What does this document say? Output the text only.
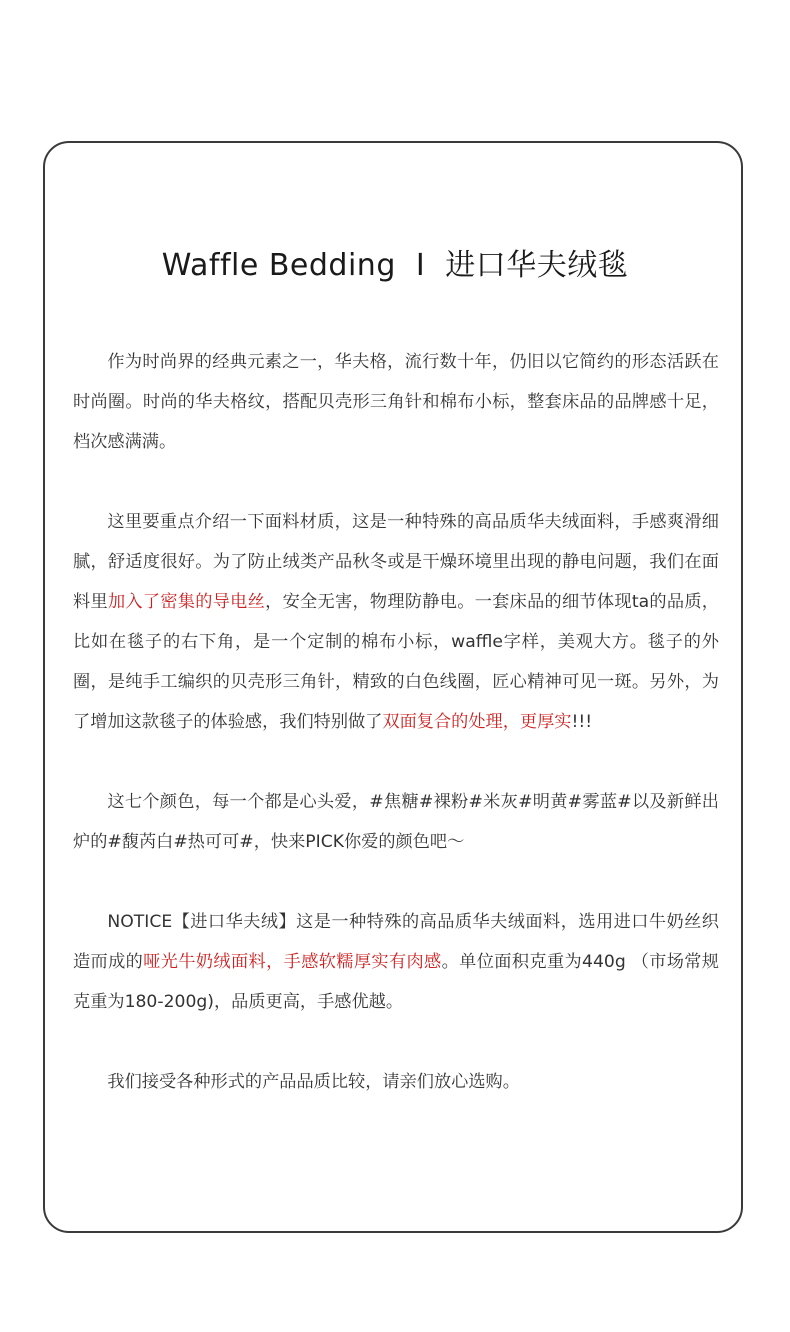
Waffle Bedding I 进口华夫绒毯

作为时尚界的经典元素之一，华夫格，流行数十年，仍旧以它简约的形态活跃在时尚圈。时尚的华夫格纹，搭配贝壳形三角针和棉布小标，整套床品的品牌感十足，档次感满满。

这里要重点介绍一下面料材质，这是一种特殊的高品质华夫绒面料，手感爽滑细腻，舒适度很好。为了防止绒类产品秋冬或是干燥环境里出现的静电问题，我们在面料里加入了密集的导电丝，安全无害，物理防静电。一套床品的细节体现ta的品质，比如在毯子的右下角，是一个定制的棉布小标，waffle字样，美观大方。毯子的外圈，是纯手工编织的贝壳形三角针，精致的白色线圈，匠心精神可见一斑。另外，为了增加这款毯子的体验感，我们特别做了双面复合的处理，更厚实!!!

这七个颜色，每一个都是心头爱，#焦糖#裸粉#米灰#明黄#雾蓝#以及新鲜出炉的#馥芮白#热可可#，快来PICK你爱的颜色吧～

NOTICE【进口华夫绒】这是一种特殊的高品质华夫绒面料，选用进口牛奶丝织造而成的哑光牛奶绒面料，手感软糯厚实有肉感。单位面积克重为440g （市场常规克重为180-200g)，品质更高，手感优越。

我们接受各种形式的产品品质比较，请亲们放心选购。
